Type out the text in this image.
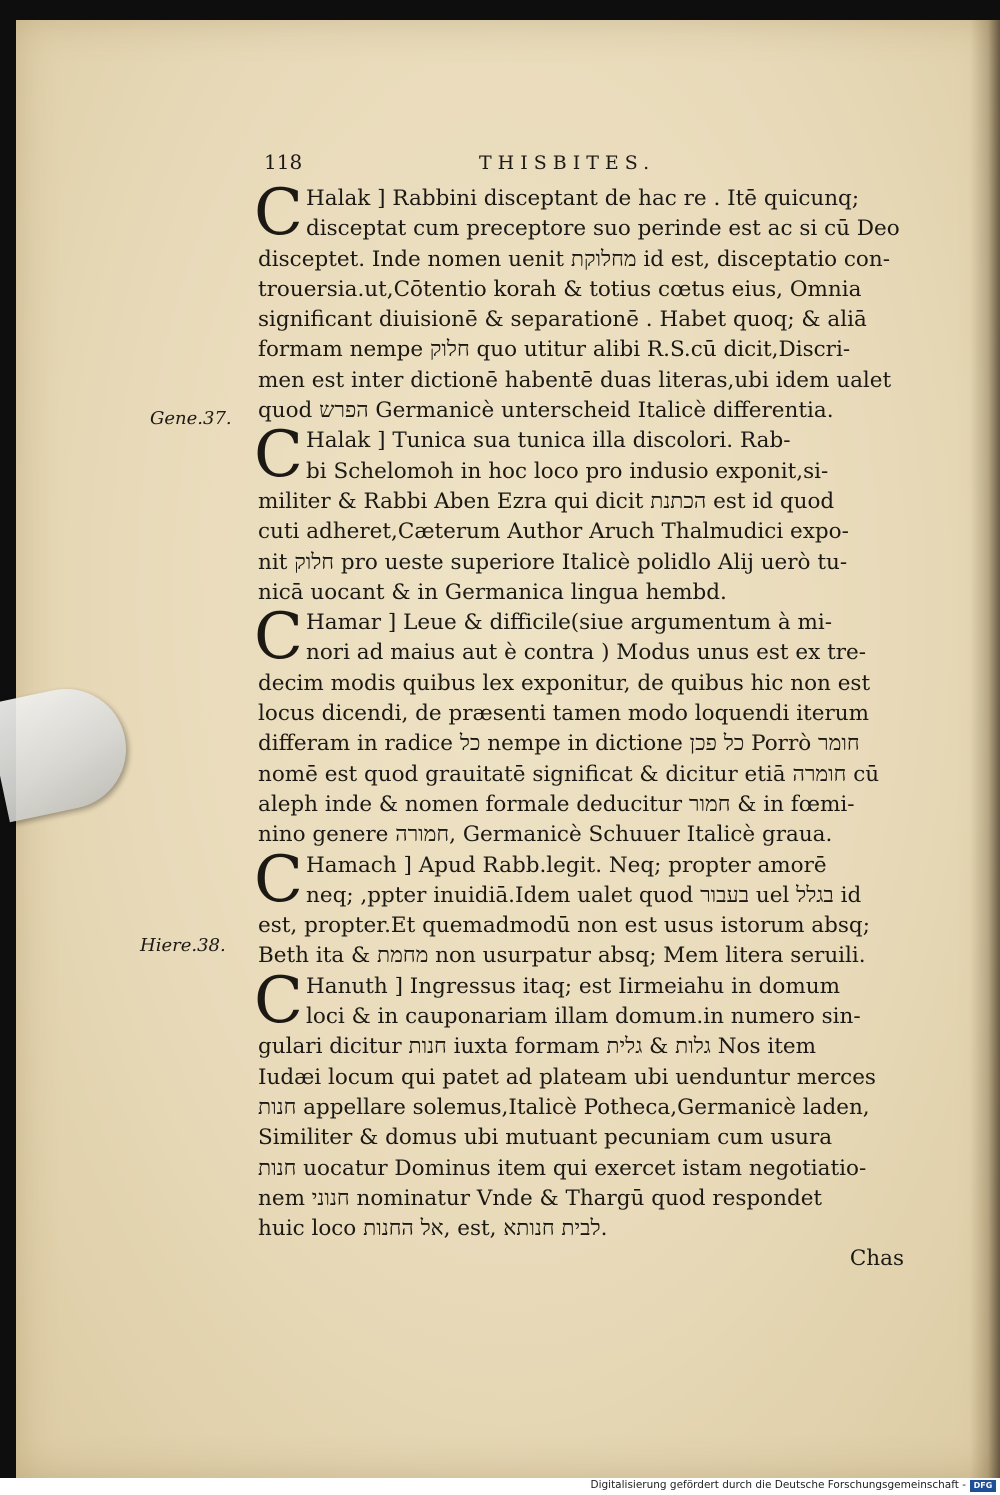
118	THISBITES.
Gene.37.
Hiere.38.
C Halak ] Rabbini disceptant de hac re . Itē quicunq;
disceptat cum preceptore suo perinde est ac si cū Deo
disceptet. Inde nomen uenit מחלוקת id est, disceptatio con-
trouersia.ut,Cōtentio korah & totius cœtus eius, Omnia
significant diuisionē & separationē . Habet quoq; & aliā
formam nempe חלוק quo utitur alibi R.S.cū dicit,Discri-
men est inter dictionē habentē duas literas,ubi idem ualet
quod הפרש Germanicè unterscheid Italicè differentia.
C Halak ] Tunica sua tunica illa discolori. Rab-
bi Schelomoh in hoc loco pro indusio exponit,si-
militer & Rabbi Aben Ezra qui dicit הכתנת est id quod
cuti adheret,Cæterum Author Aruch Thalmudici expo-
nit חלוק pro ueste superiore Italicè polidlo Alij uerò tu-
nicā uocant & in Germanica lingua hembd.
C Hamar ] Leue & difficile(siue argumentum à mi-
nori ad maius aut è contra ) Modus unus est ex tre-
decim modis quibus lex exponitur, de quibus hic non est
locus dicendi, de præsenti tamen modo loquendi iterum
differam in radice כל nempe in dictione כל פכן Porrò חומר
nomē est quod grauitatē significat & dicitur etiā חומרה cū
aleph inde & nomen formale deducitur חמור & in fœmi-
nino genere חמורה, Germanicè Schuuer Italicè graua.
C Hamach ] Apud Rabb.legit. Neq; propter amorē
neq; ,ppter inuidiā.Idem ualet quod בעבור uel בגלל id
est, propter.Et quemadmodū non est usus istorum absq;
Beth ita & מחמת non usurpatur absq; Mem litera seruili.
C Hanuth ] Ingressus itaq; est Iirmeiahu in domum
loci & in cauponariam illam domum.in numero sin-
gulari dicitur חנות iuxta formam גלות & גלית Nos item
Iudæi locum qui patet ad plateam ubi uenduntur merces
חנות appellare solemus,Italicè Potheca,Germanicè laden,
Similiter & domus ubi mutuant pecuniam cum usura
חנות uocatur Dominus item qui exercet istam negotiatio-
nem חנוני nominatur Vnde & Thargū quod respondet
huic loco אל החנות, est, לבית חנותא.
Chas
Digitalisierung gefördert durch die Deutsche Forschungsgemeinschaft - DFG
